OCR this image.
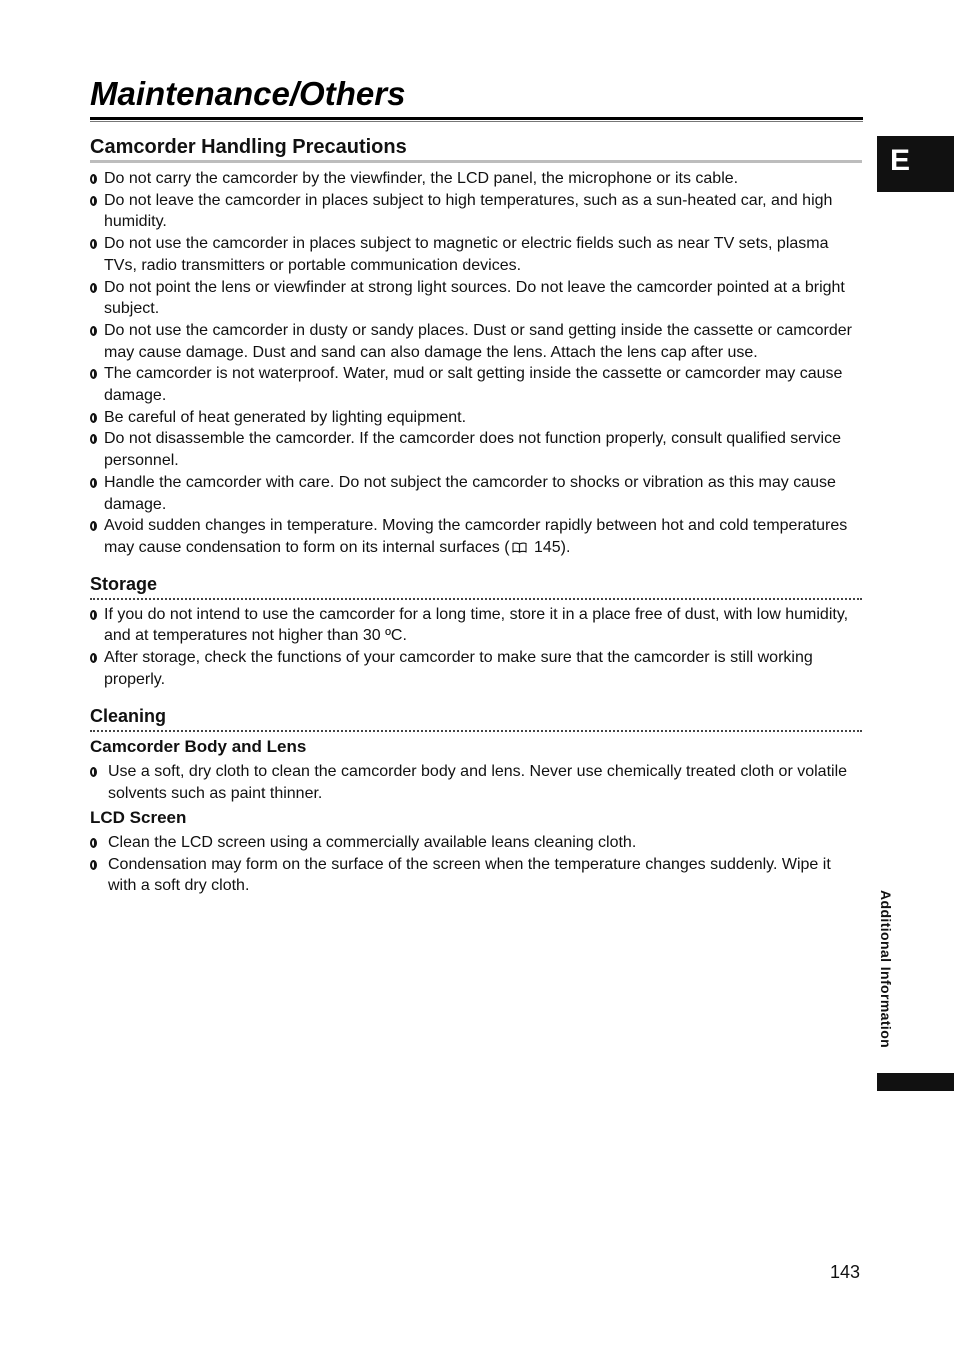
Maintenance/Others
E
Additional Information
Camcorder Handling Precautions
Do not carry the camcorder by the viewfinder, the LCD panel, the microphone or its cable.
Do not leave the camcorder in places subject to high temperatures, such as a sun-heated car, and high humidity.
Do not use the camcorder in places subject to magnetic or electric fields such as near TV sets, plasma TVs, radio transmitters or portable communication devices.
Do not point the lens or viewfinder at strong light sources. Do not leave the camcorder pointed at a bright subject.
Do not use the camcorder in dusty or sandy places. Dust or sand getting inside the cassette or camcorder may cause damage. Dust and sand can also damage the lens. Attach the lens cap after use.
The camcorder is not waterproof. Water, mud or salt getting inside the cassette or camcorder may cause damage.
Be careful of heat generated by lighting equipment.
Do not disassemble the camcorder. If the camcorder does not function properly, consult qualified service personnel.
Handle the camcorder with care. Do not subject the camcorder to shocks or vibration as this may cause damage.
Avoid sudden changes in temperature. Moving the camcorder rapidly between hot and cold temperatures may cause condensation to form on its internal surfaces ( 145).
Storage
If you do not intend to use the camcorder for a long time, store it in a place free of dust, with low humidity, and at temperatures not higher than 30 ºC.
After storage, check the functions of your camcorder to make sure that the camcorder is still working properly.
Cleaning
Camcorder Body and Lens
Use a soft, dry cloth to clean the camcorder body and lens. Never use chemically treated cloth or volatile solvents such as paint thinner.
LCD Screen
Clean the LCD screen using a commercially available leans cleaning cloth.
Condensation may form on the surface of the screen when the temperature changes suddenly. Wipe it with a soft dry cloth.
143
